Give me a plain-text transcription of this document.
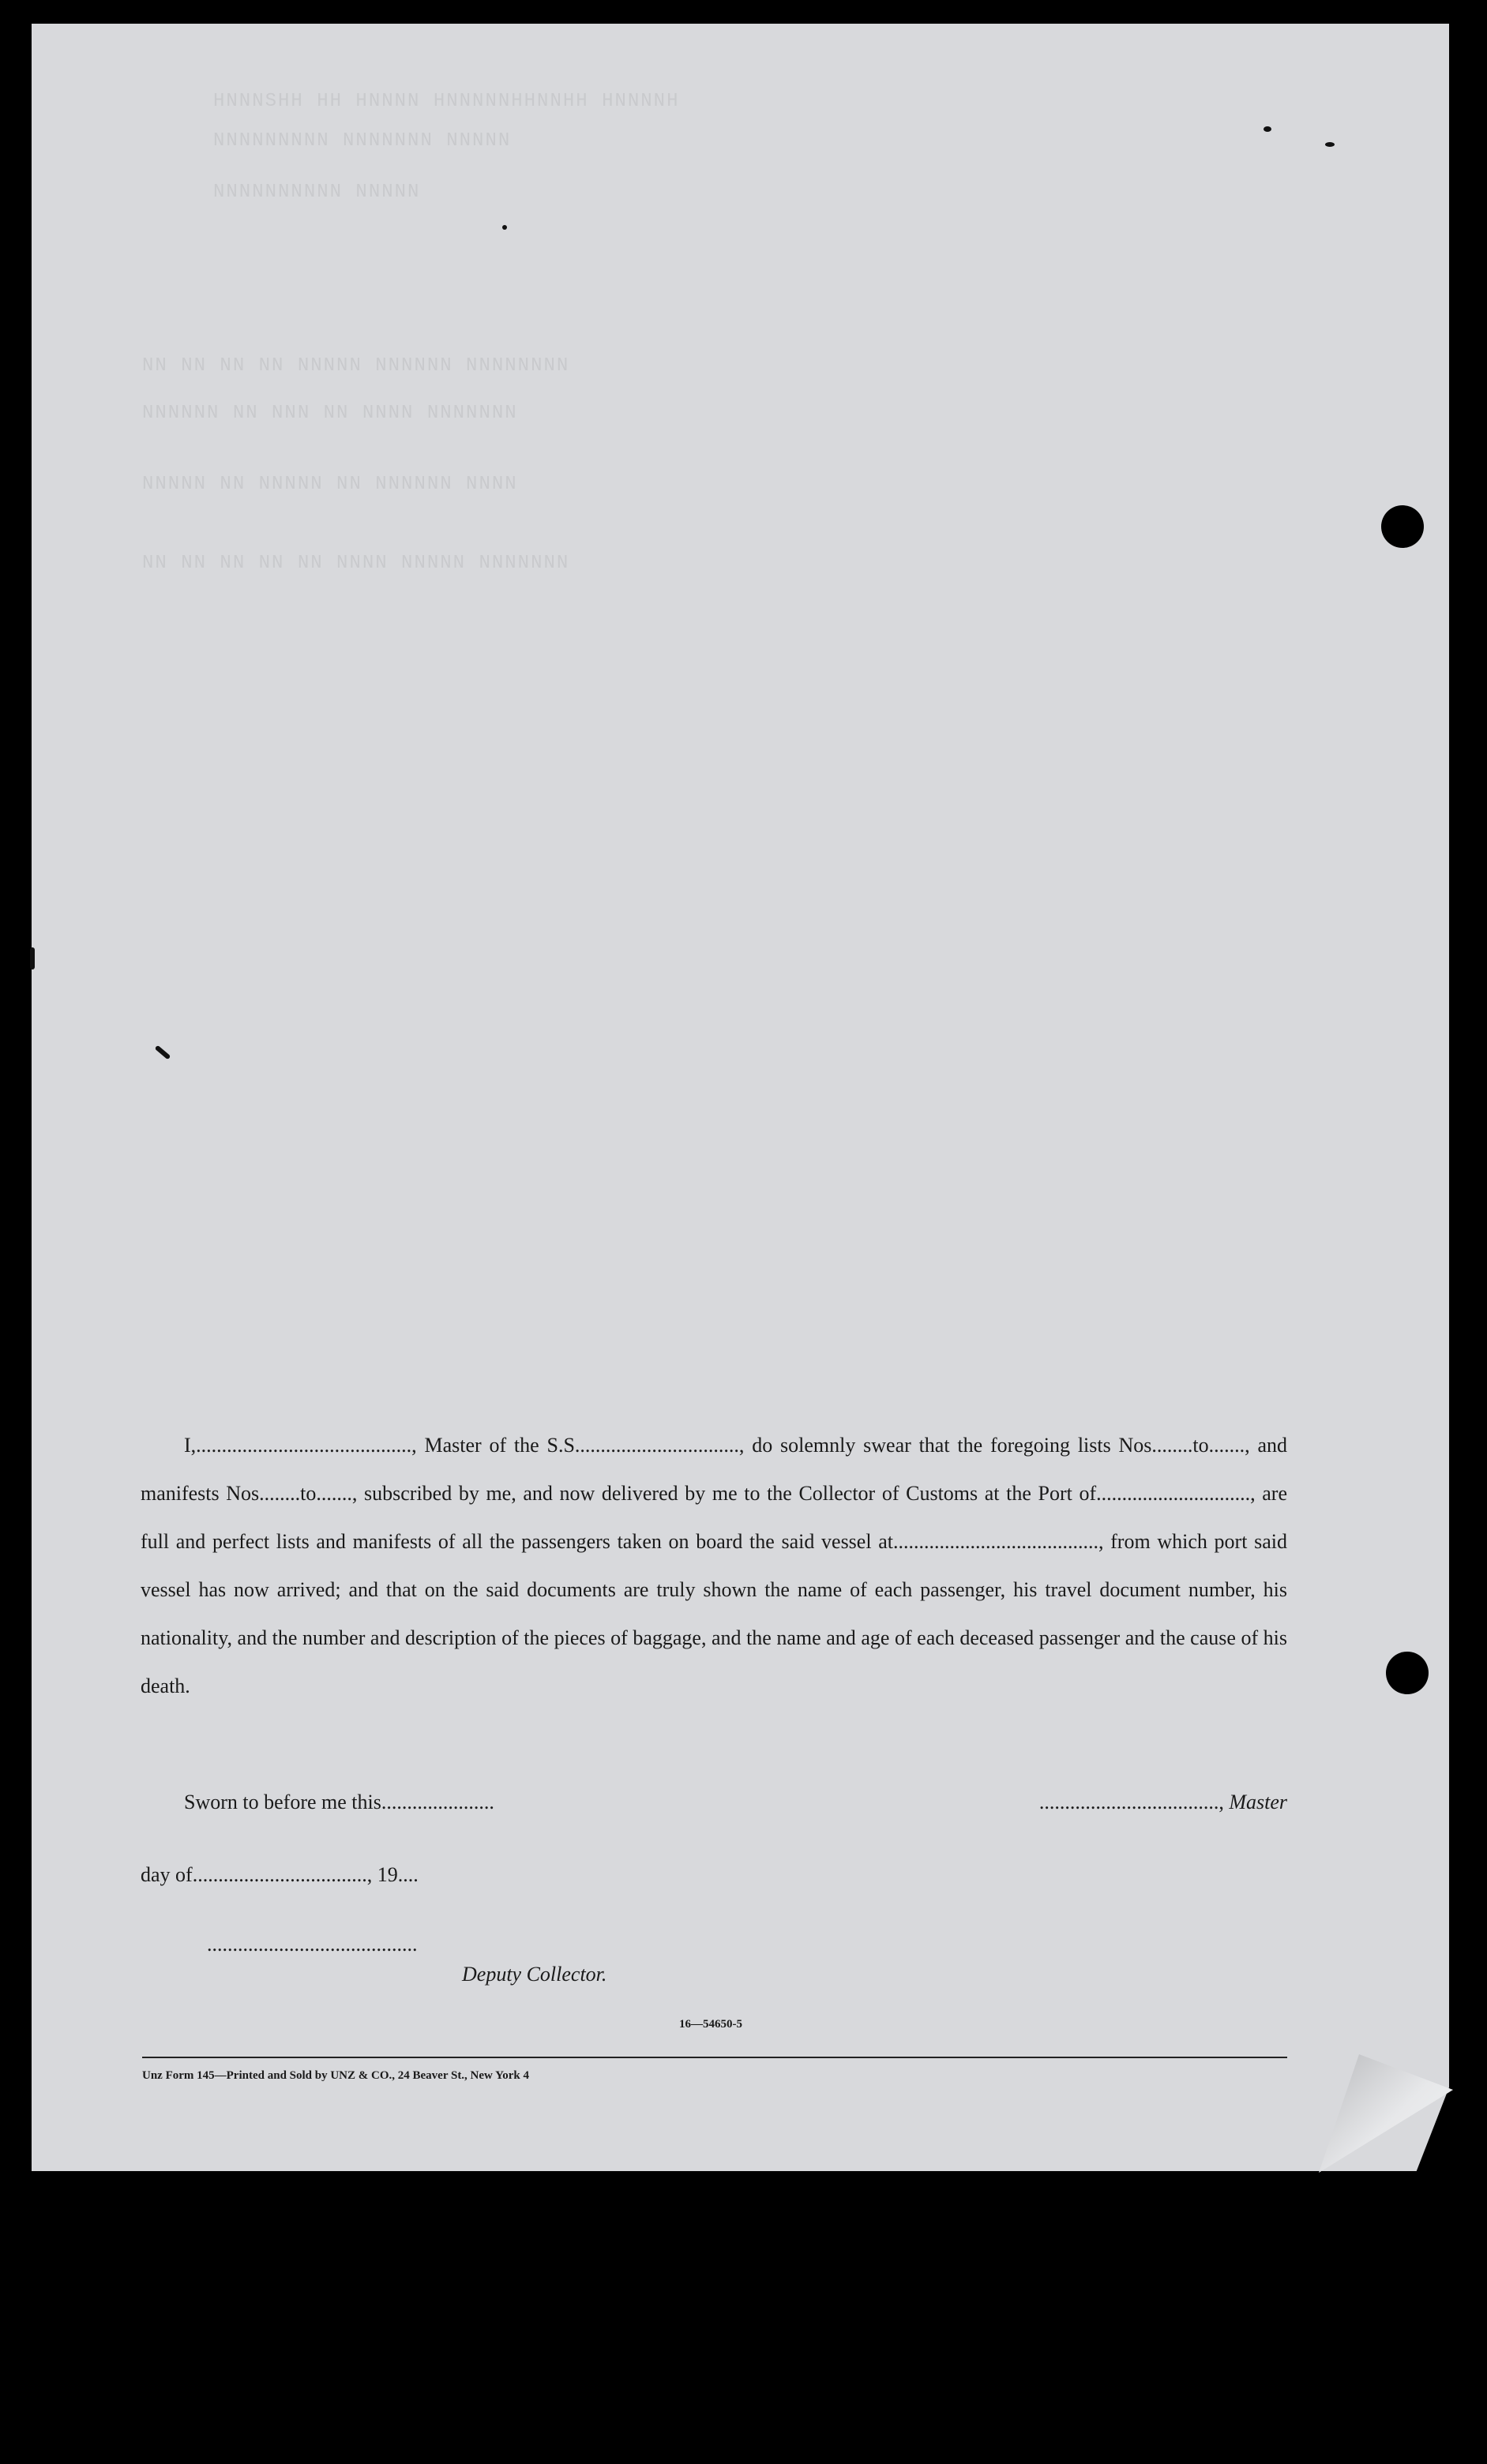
HNNNSHH HH HNNNN HNNNNNHHNNHH HNNNNH
NNNNNNNNN NNNNNNN NNNNN
NNNNNNNNNN NNNNN
NN NN NN NN NNNNN NNNNNN NNNNNNNN
NNNNNN NN NNN NN NNNN NNNNNNN
NNNNN NN NNNNN NN NNNNNN NNNN
NN NN NN NN NN NNNN NNNNN NNNNNNN

I,.........................................., Master of the S.S................................, do solemnly swear that the foregoing lists Nos........to......., and manifests Nos........to......., subscribed by me, and now delivered by me to the Collector of Customs at the Port of.............................., are full and perfect lists and manifests of all the passengers taken on board the said vessel at........................................, from which port said vessel has now arrived; and that on the said documents are truly shown the name of each passenger, his travel document number, his nationality, and the number and description of the pieces of baggage, and the name and age of each deceased passenger and the cause of his death.

Sworn to before me this......................	..................................., Master
day of.................................., 19....
.........................................
Deputy Collector.
16—54650-5
Unz Form 145—Printed and Sold by UNZ & CO., 24 Beaver St., New York 4
